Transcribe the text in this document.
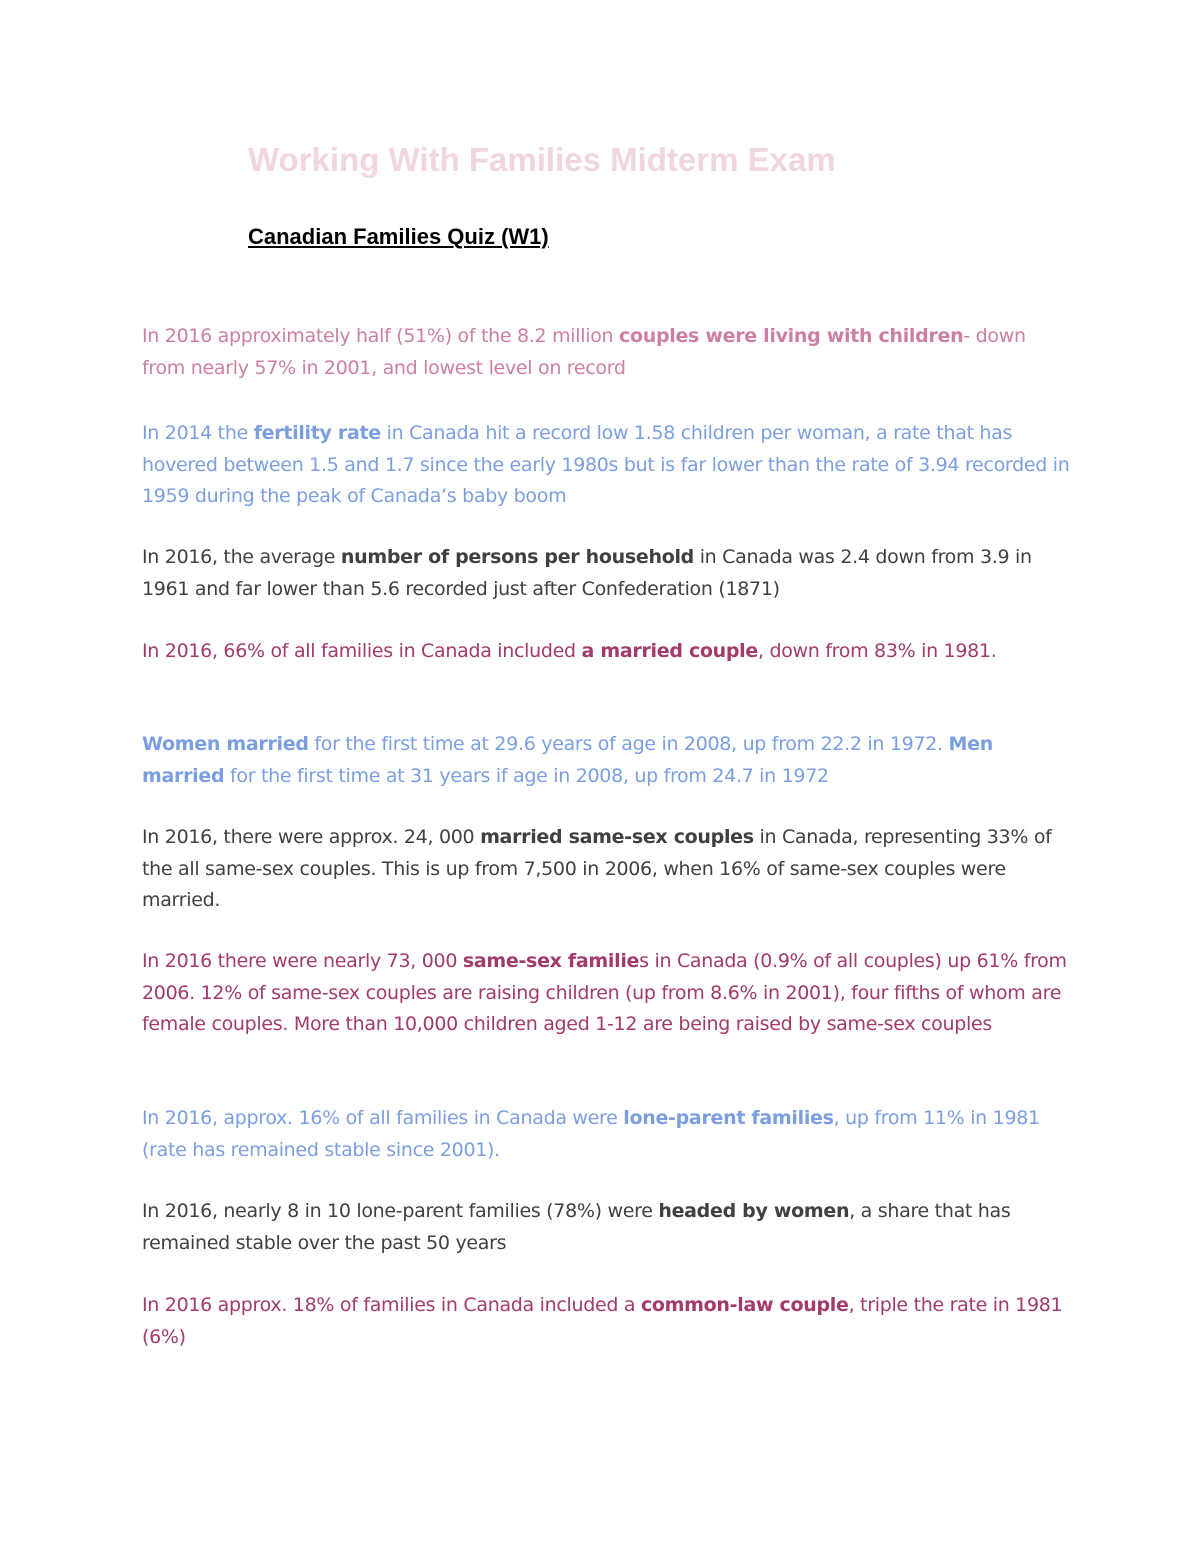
Working With Families Midterm Exam
Canadian Families Quiz (W1)

In 2016 approximately half (51%) of the 8.2 million couples were living with children- down from nearly 57% in 2001, and lowest level on record

In 2014 the fertility rate in Canada hit a record low 1.58 children per woman, a rate that has hovered between 1.5 and 1.7 since the early 1980s but is far lower than the rate of 3.94 recorded in 1959 during the peak of Canada’s baby boom

In 2016, the average number of persons per household in Canada was 2.4 down from 3.9 in 1961 and far lower than 5.6 recorded just after Confederation (1871)

In 2016, 66% of all families in Canada included a married couple, down from 83% in 1981.

Women married for the first time at 29.6 years of age in 2008, up from 22.2 in 1972. Men married for the first time at 31 years if age in 2008, up from 24.7 in 1972

In 2016, there were approx. 24, 000 married same-sex couples in Canada, representing 33% of the all same-sex couples. This is up from 7,500 in 2006, when 16% of same-sex couples were married.

In 2016 there were nearly 73, 000 same-sex families in Canada (0.9% of all couples) up 61% from 2006. 12% of same-sex couples are raising children (up from 8.6% in 2001), four fifths of whom are female couples. More than 10,000 children aged 1-12 are being raised by same-sex couples

In 2016, approx. 16% of all families in Canada were lone-parent families, up from 11% in 1981 (rate has remained stable since 2001).

In 2016, nearly 8 in 10 lone-parent families (78%) were headed by women, a share that has remained stable over the past 50 years

In 2016 approx. 18% of families in Canada included a common-law couple, triple the rate in 1981 (6%)
